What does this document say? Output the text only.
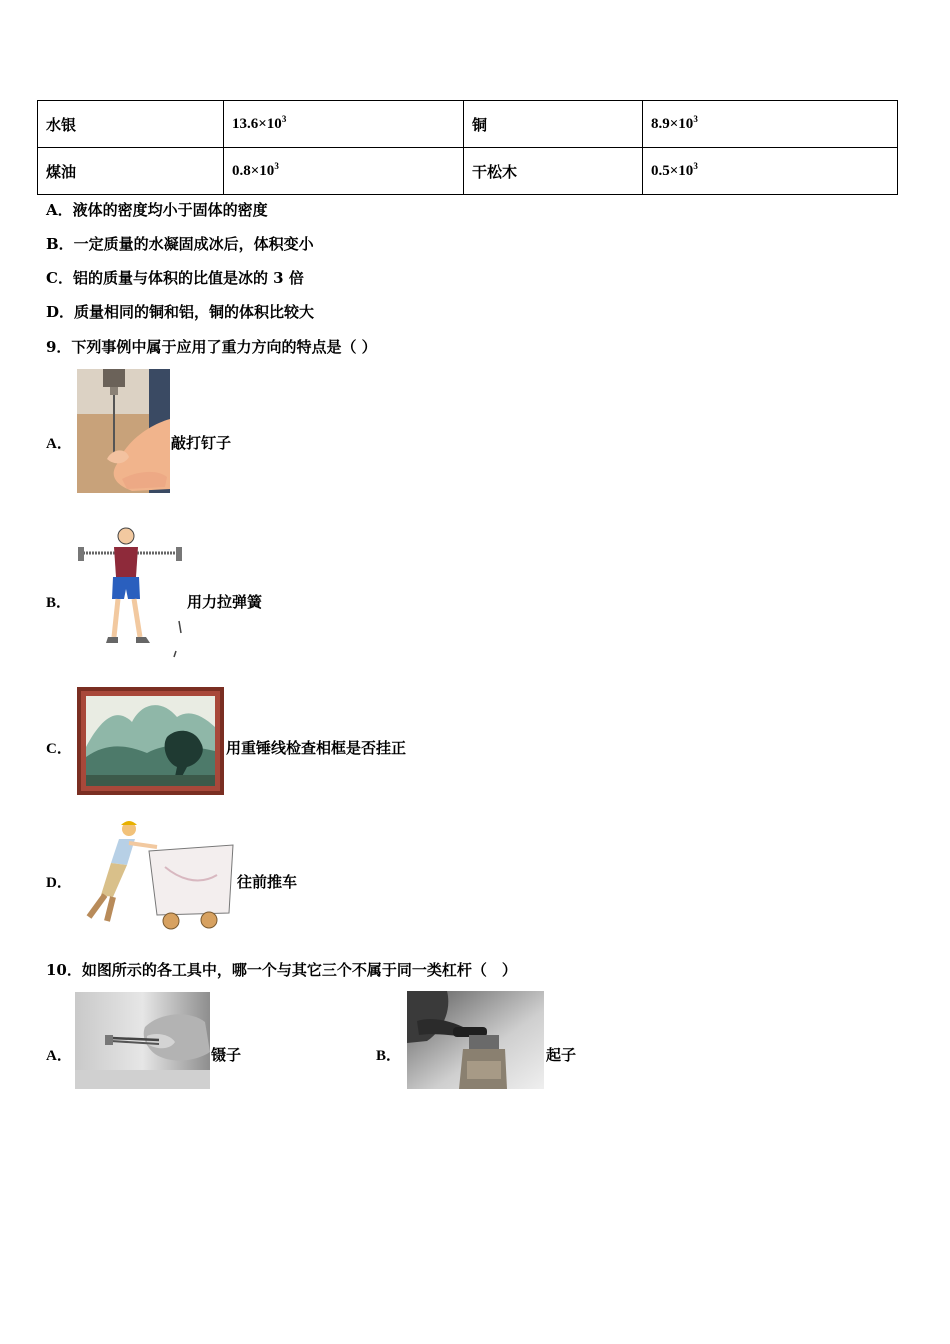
水银	$13.6\times 10^3$	铜	$8.9\times 10^3$
煤油	$0.8\times 10^3$	干松木	$0.5\times 10^3$
A．液体的密度均小于固体的密度
B．一定质量的水凝固成冰后，体积变小
C．铝的质量与体积的比值是冰的 3 倍
D．质量相同的铜和铝，铜的体积比较大
9．下列事例中属于应用了重力方向的特点是（ ）
A．	敲打钉子
B．	用力拉弹簧
C．	用重锤线检查相框是否挂正
D．	往前推车
10．如图所示的各工具中，哪一个与其它三个不属于同一类杠杆（　）
A．	镊子	B．	起子
